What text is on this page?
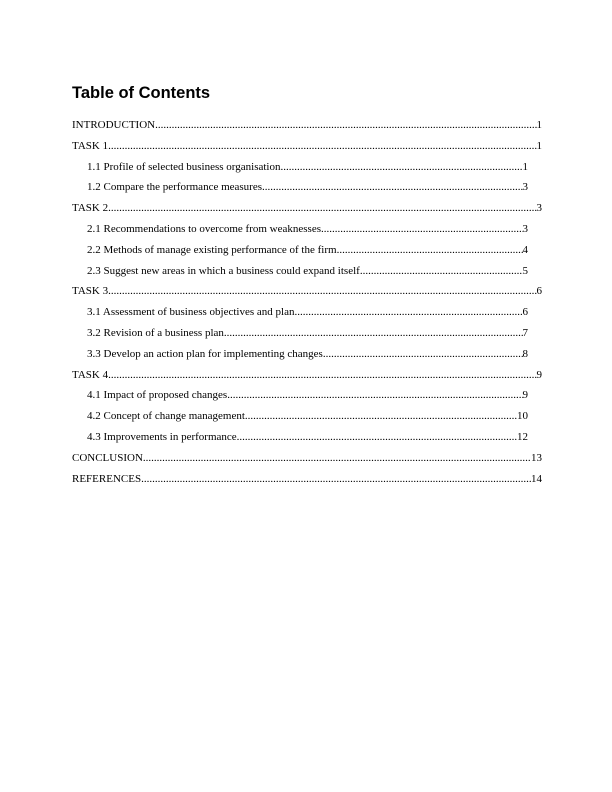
Table of Contents
INTRODUCTION .....	1
TASK 1 .....	1
1.1 Profile of selected business organisation .....	1
1.2 Compare the performance measures .....	3
TASK 2 .....	3
2.1 Recommendations to overcome from weaknesses .....	3
2.2 Methods of manage existing performance of the firm .....	4
2.3 Suggest new areas in which a business could expand itself .....	5
TASK 3 .....	6
3.1 Assessment of business objectives and plan .....	6
3.2 Revision of a business plan .....	7
3.3 Develop an action plan for implementing changes .....	8
TASK 4 .....	9
4.1 Impact of proposed changes .....	9
4.2 Concept of change management .....	10
4.3 Improvements in performance .....	12
CONCLUSION .....	13
REFERENCES .....	14
